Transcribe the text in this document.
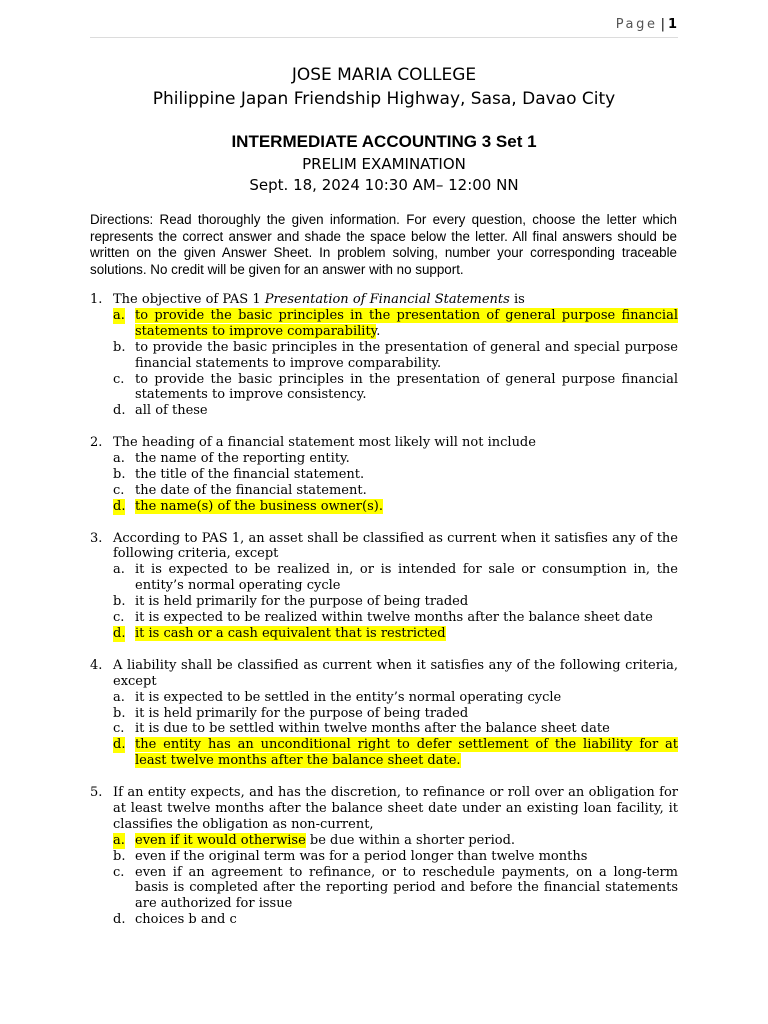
Page | 1
JOSE MARIA COLLEGE
Philippine Japan Friendship Highway, Sasa, Davao City
INTERMEDIATE ACCOUNTING 3 Set 1
PRELIM EXAMINATION
Sept. 18, 2024 10:30 AM– 12:00 NN
Directions: Read thoroughly the given information. For every question, choose the letter which represents the correct answer and shade the space below the letter. All final answers should be written on the given Answer Sheet. In problem solving, number your corresponding traceable solutions. No credit will be given for an answer with no support.
1. The objective of PAS 1 Presentation of Financial Statements is
a. to provide the basic principles in the presentation of general purpose financial statements to improve comparability.
b. to provide the basic principles in the presentation of general and special purpose financial statements to improve comparability.
c. to provide the basic principles in the presentation of general purpose financial statements to improve consistency.
d. all of these
2. The heading of a financial statement most likely will not include
a. the name of the reporting entity.
b. the title of the financial statement.
c. the date of the financial statement.
d. the name(s) of the business owner(s).
3. According to PAS 1, an asset shall be classified as current when it satisfies any of the following criteria, except
a. it is expected to be realized in, or is intended for sale or consumption in, the entity’s normal operating cycle
b. it is held primarily for the purpose of being traded
c. it is expected to be realized within twelve months after the balance sheet date
d. it is cash or a cash equivalent that is restricted
4. A liability shall be classified as current when it satisfies any of the following criteria, except
a. it is expected to be settled in the entity’s normal operating cycle
b. it is held primarily for the purpose of being traded
c. it is due to be settled within twelve months after the balance sheet date
d. the entity has an unconditional right to defer settlement of the liability for at least twelve months after the balance sheet date.
5. If an entity expects, and has the discretion, to refinance or roll over an obligation for at least twelve months after the balance sheet date under an existing loan facility, it classifies the obligation as non-current,
a. even if it would otherwise be due within a shorter period.
b. even if the original term was for a period longer than twelve months
c. even if an agreement to refinance, or to reschedule payments, on a long-term basis is completed after the reporting period and before the financial statements are authorized for issue
d. choices b and c
